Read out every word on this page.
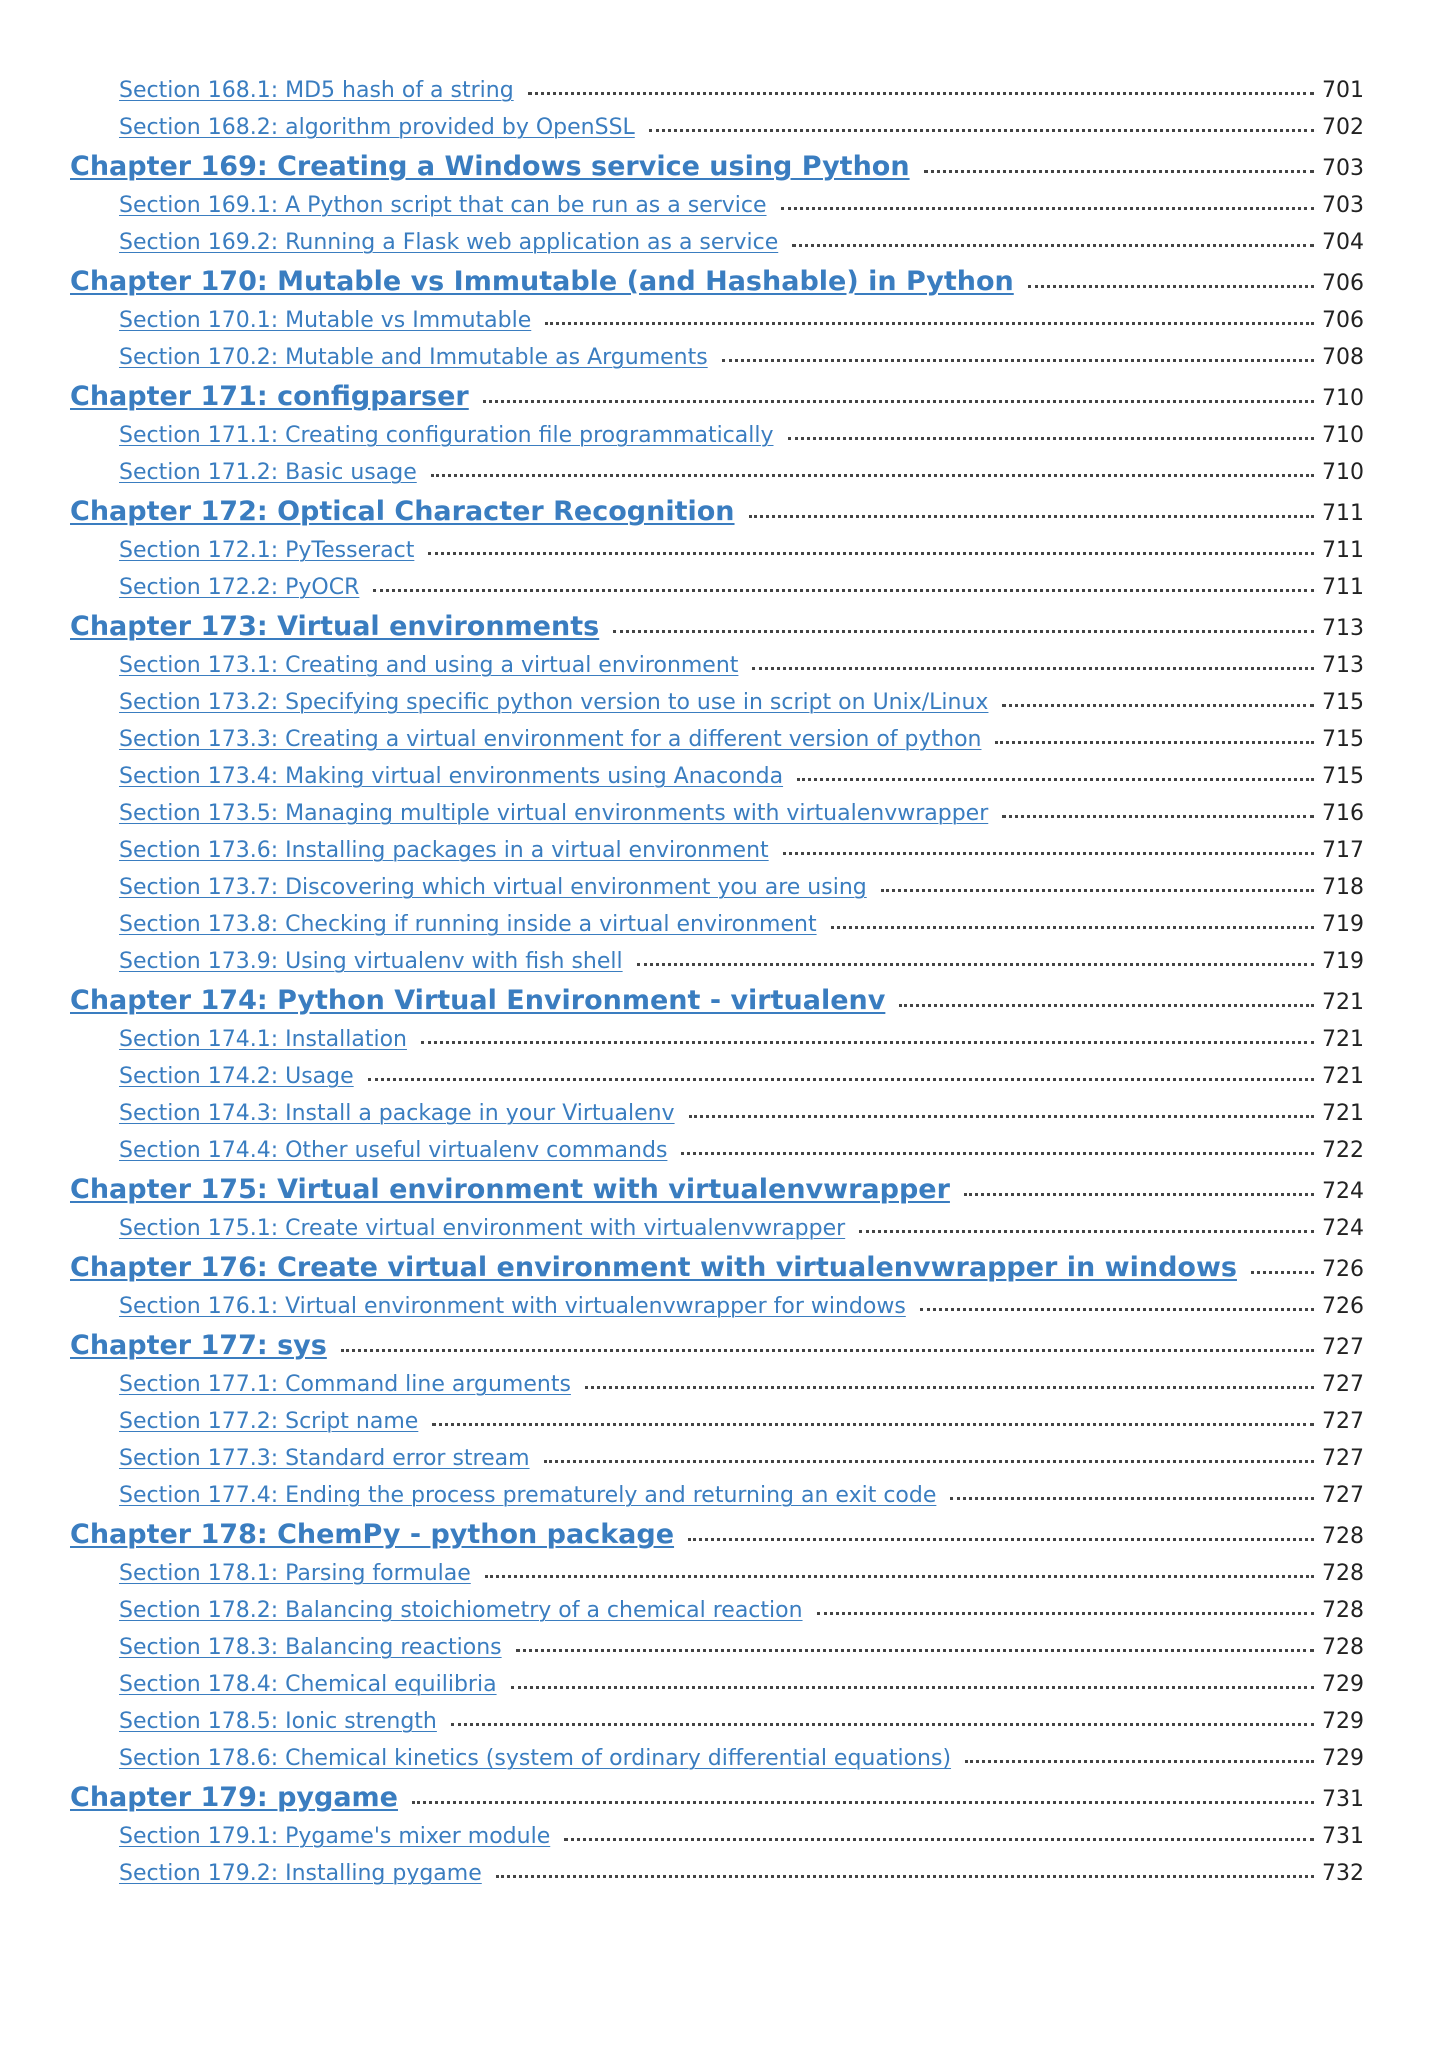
Section 168.1: MD5 hash of a string	701
Section 168.2: algorithm provided by OpenSSL	702
Chapter 169: Creating a Windows service using Python	703
Section 169.1: A Python script that can be run as a service	703
Section 169.2: Running a Flask web application as a service	704
Chapter 170: Mutable vs Immutable (and Hashable) in Python	706
Section 170.1: Mutable vs Immutable	706
Section 170.2: Mutable and Immutable as Arguments	708
Chapter 171: configparser	710
Section 171.1: Creating configuration file programmatically	710
Section 171.2: Basic usage	710
Chapter 172: Optical Character Recognition	711
Section 172.1: PyTesseract	711
Section 172.2: PyOCR	711
Chapter 173: Virtual environments	713
Section 173.1: Creating and using a virtual environment	713
Section 173.2: Specifying specific python version to use in script on Unix/Linux	715
Section 173.3: Creating a virtual environment for a different version of python	715
Section 173.4: Making virtual environments using Anaconda	715
Section 173.5: Managing multiple virtual environments with virtualenvwrapper	716
Section 173.6: Installing packages in a virtual environment	717
Section 173.7: Discovering which virtual environment you are using	718
Section 173.8: Checking if running inside a virtual environment	719
Section 173.9: Using virtualenv with fish shell	719
Chapter 174: Python Virtual Environment - virtualenv	721
Section 174.1: Installation	721
Section 174.2: Usage	721
Section 174.3: Install a package in your Virtualenv	721
Section 174.4: Other useful virtualenv commands	722
Chapter 175: Virtual environment with virtualenvwrapper	724
Section 175.1: Create virtual environment with virtualenvwrapper	724
Chapter 176: Create virtual environment with virtualenvwrapper in windows	726
Section 176.1: Virtual environment with virtualenvwrapper for windows	726
Chapter 177: sys	727
Section 177.1: Command line arguments	727
Section 177.2: Script name	727
Section 177.3: Standard error stream	727
Section 177.4: Ending the process prematurely and returning an exit code	727
Chapter 178: ChemPy - python package	728
Section 178.1: Parsing formulae	728
Section 178.2: Balancing stoichiometry of a chemical reaction	728
Section 178.3: Balancing reactions	728
Section 178.4: Chemical equilibria	729
Section 178.5: Ionic strength	729
Section 178.6: Chemical kinetics (system of ordinary differential equations)	729
Chapter 179: pygame	731
Section 179.1: Pygame's mixer module	731
Section 179.2: Installing pygame	732
